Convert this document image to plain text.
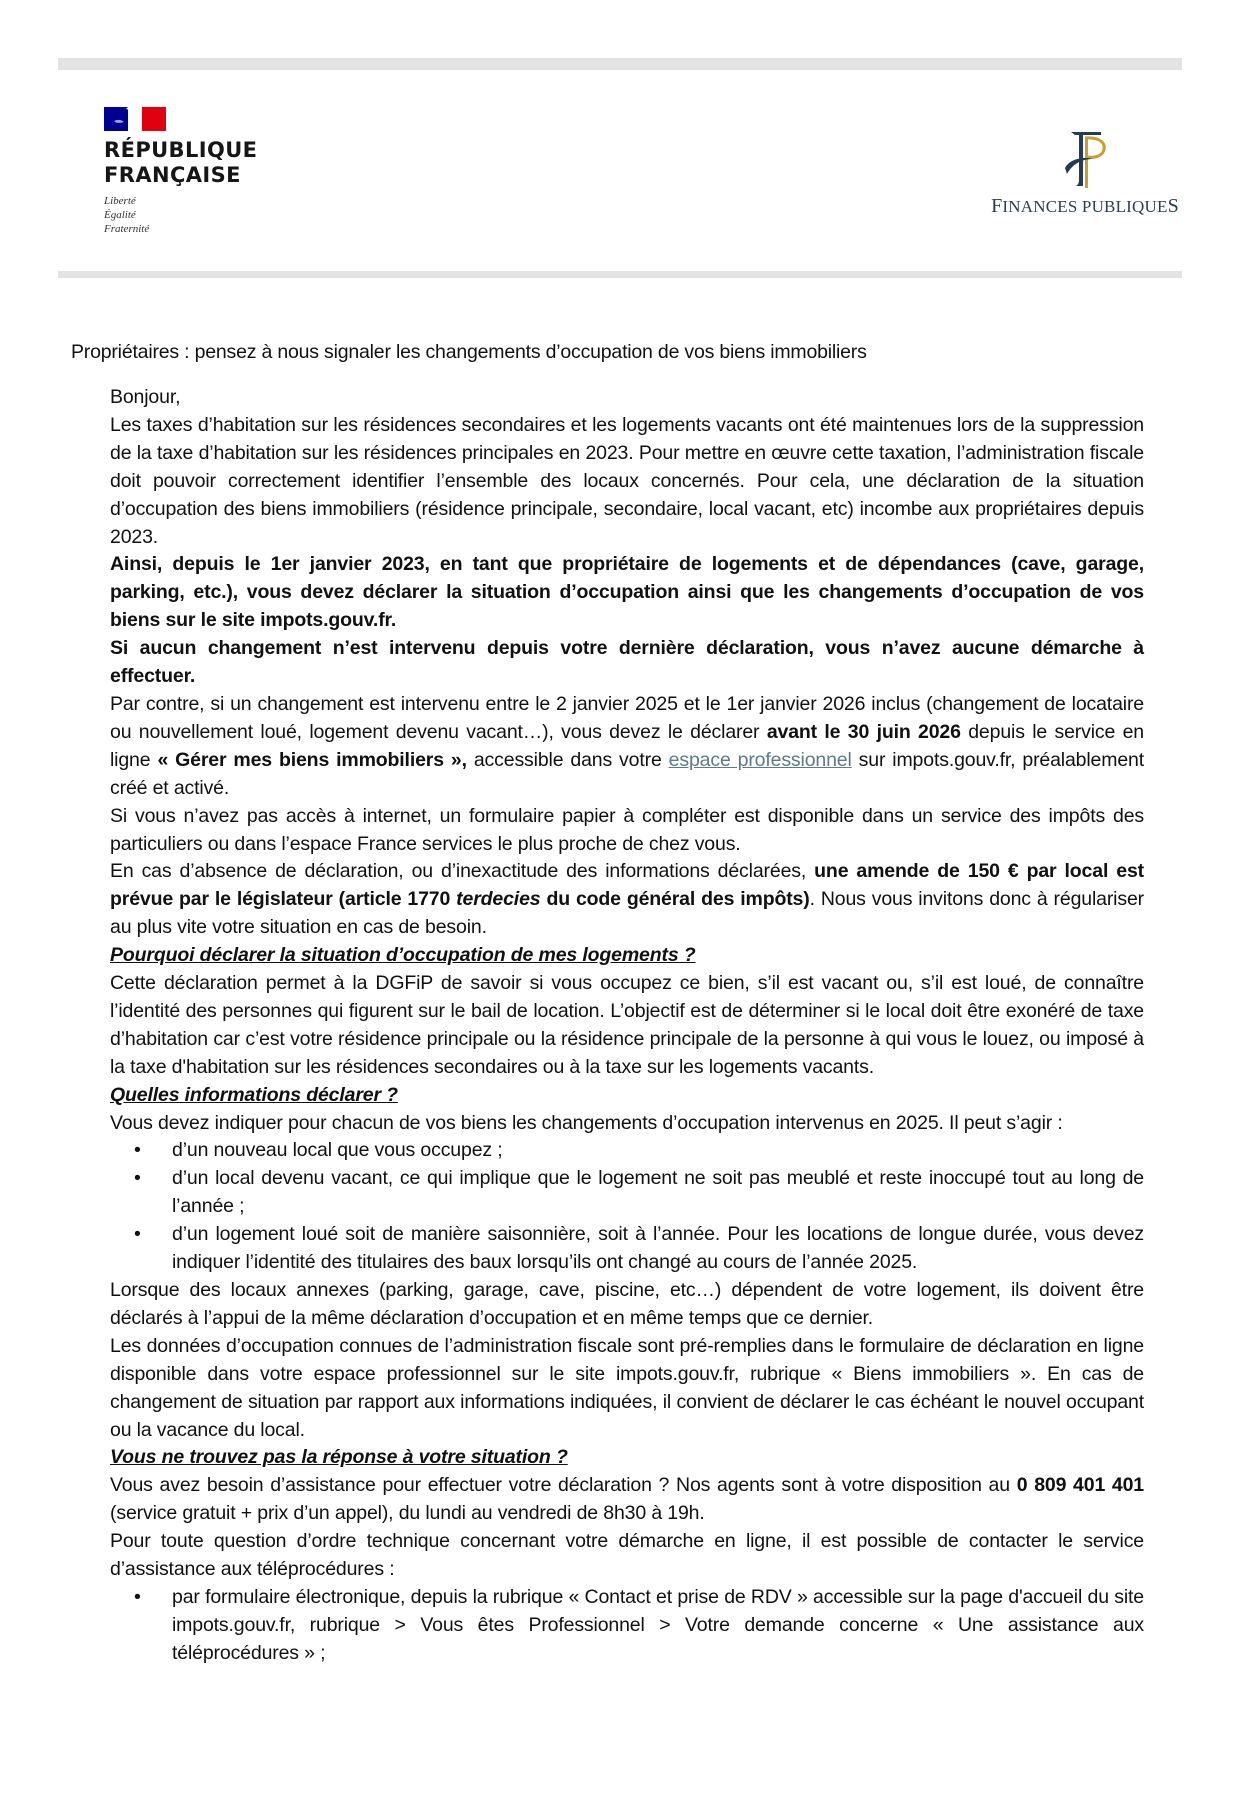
RÉPUBLIQUE
FRANÇAISE
Liberté
Égalité
Fraternité
FINANCES PUBLIQUES
Propriétaires : pensez à nous signaler les changements d’occupation de vos biens immobiliers

Bonjour,

Les taxes d’habitation sur les résidences secondaires et les logements vacants ont été maintenues lors de la suppression de la taxe d’habitation sur les résidences principales en 2023. Pour mettre en œuvre cette taxation, l’administration fiscale doit pouvoir correctement identifier l’ensemble des locaux concernés. Pour cela, une déclaration de la situation d’occupation des biens immobiliers (résidence principale, secondaire, local vacant, etc) incombe aux propriétaires depuis 2023.

Ainsi, depuis le 1er janvier 2023, en tant que propriétaire de logements et de dépendances (cave, garage, parking, etc.), vous devez déclarer la situation d’occupation ainsi que les changements d’occupation de vos biens sur le site impots.gouv.fr.

Si aucun changement n’est intervenu depuis votre dernière déclaration, vous n’avez aucune démarche à effectuer.

Par contre, si un changement est intervenu entre le 2 janvier 2025 et le 1er janvier 2026 inclus (changement de locataire ou nouvellement loué, logement devenu vacant…), vous devez le déclarer avant le 30 juin 2026 depuis le service en ligne « Gérer mes biens immobiliers », accessible dans votre espace professionnel sur impots.gouv.fr, préalablement créé et activé.

Si vous n’avez pas accès à internet, un formulaire papier à compléter est disponible dans un service des impôts des particuliers ou dans l’espace France services le plus proche de chez vous.

En cas d’absence de déclaration, ou d’inexactitude des informations déclarées, une amende de 150 € par local est prévue par le législateur (article 1770 terdecies du code général des impôts). Nous vous invitons donc à régulariser au plus vite votre situation en cas de besoin.

Pourquoi déclarer la situation d’occupation de mes logements ?

Cette déclaration permet à la DGFiP de savoir si vous occupez ce bien, s’il est vacant ou, s’il est loué, de connaître l’identité des personnes qui figurent sur le bail de location. L’objectif est de déterminer si le local doit être exonéré de taxe d’habitation car c’est votre résidence principale ou la résidence principale de la personne à qui vous le louez, ou imposé à la taxe d'habitation sur les résidences secondaires ou à la taxe sur les logements vacants.

Quelles informations déclarer ?

Vous devez indiquer pour chacun de vos biens les changements d’occupation intervenus en 2025. Il peut s’agir :

• d’un nouveau local que vous occupez ;
• d’un local devenu vacant, ce qui implique que le logement ne soit pas meublé et reste inoccupé tout au long de l’année ;
• d’un logement loué soit de manière saisonnière, soit à l’année. Pour les locations de longue durée, vous devez indiquer l’identité des titulaires des baux lorsqu’ils ont changé au cours de l’année 2025.

Lorsque des locaux annexes (parking, garage, cave, piscine, etc…) dépendent de votre logement, ils doivent être déclarés à l’appui de la même déclaration d’occupation et en même temps que ce dernier.

Les données d’occupation connues de l’administration fiscale sont pré-remplies dans le formulaire de déclaration en ligne disponible dans votre espace professionnel sur le site impots.gouv.fr, rubrique « Biens immobiliers ». En cas de changement de situation par rapport aux informations indiquées, il convient de déclarer le cas échéant le nouvel occupant ou la vacance du local.

Vous ne trouvez pas la réponse à votre situation ?

Vous avez besoin d’assistance pour effectuer votre déclaration ? Nos agents sont à votre disposition au 0 809 401 401 (service gratuit + prix d’un appel), du lundi au vendredi de 8h30 à 19h.

Pour toute question d’ordre technique concernant votre démarche en ligne, il est possible de contacter le service d’assistance aux téléprocédures :

• par formulaire électronique, depuis la rubrique « Contact et prise de RDV » accessible sur la page d'accueil du site impots.gouv.fr, rubrique > Vous êtes Professionnel > Votre demande concerne « Une assistance aux téléprocédures » ;
